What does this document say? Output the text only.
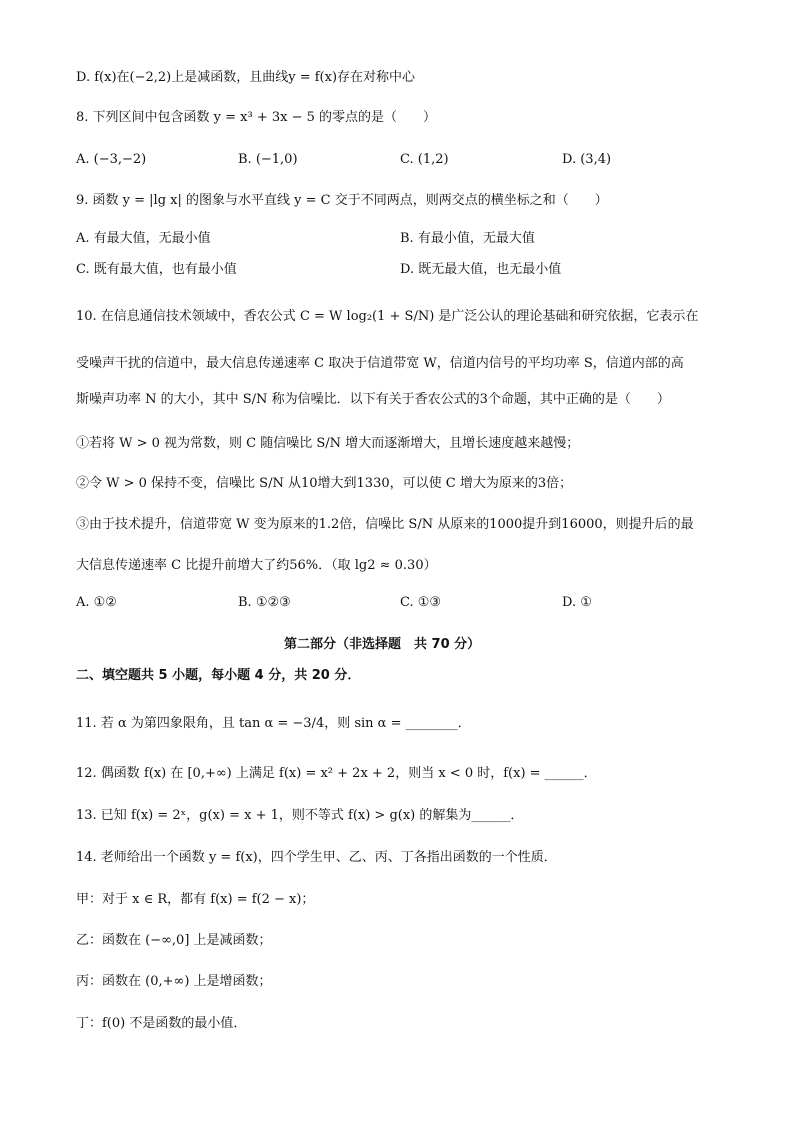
D. f(x)在(−2,2)上是减函数，且曲线y = f(x)存在对称中心
8. 下列区间中包含函数 y = x³ + 3x − 5 的零点的是（　　）
A. (−3,−2)	B. (−1,0)	C. (1,2)	D. (3,4)
9. 函数 y = |lg x| 的图象与水平直线 y = C 交于不同两点，则两交点的横坐标之和（　　）
A. 有最大值，无最小值	B. 有最小值，无最大值
C. 既有最大值，也有最小值	D. 既无最大值，也无最小值
10. 在信息通信技术领域中，香农公式 C = W log₂(1 + S/N) 是广泛公认的理论基础和研究依据，它表示在
受噪声干扰的信道中，最大信息传递速率 C 取决于信道带宽 W，信道内信号的平均功率 S，信道内部的高
斯噪声功率 N 的大小，其中 S/N 称为信噪比．以下有关于香农公式的3个命题，其中正确的是（　　）
①若将 W > 0 视为常数，则 C 随信噪比 S/N 增大而逐渐增大，且增长速度越来越慢；
②令 W > 0 保持不变，信噪比 S/N 从10增大到1330，可以使 C 增大为原来的3倍；
③由于技术提升，信道带宽 W 变为原来的1.2倍，信噪比 S/N 从原来的1000提升到16000，则提升后的最
大信息传递速率 C 比提升前增大了约56%．（取 lg2 ≈ 0.30）
A. ①②	B. ①②③	C. ①③	D. ①
第二部分（非选择题　共 70 分）
二、填空题共 5 小题，每小题 4 分，共 20 分．
11. 若 α 为第四象限角，且 tan α = −3/4，则 sin α = ________．
12. 偶函数 f(x) 在 [0,+∞) 上满足 f(x) = x² + 2x + 2，则当 x < 0 时，f(x) = ______．
13. 已知 f(x) = 2ˣ，g(x) = x + 1，则不等式 f(x) > g(x) 的解集为______．
14. 老师给出一个函数 y = f(x)，四个学生甲、乙、丙、丁各指出函数的一个性质．
甲：对于 x ∈ R，都有 f(x) = f(2 − x)；
乙：函数在 (−∞,0] 上是减函数；
丙：函数在 (0,+∞) 上是增函数；
丁：f(0) 不是函数的最小值．
